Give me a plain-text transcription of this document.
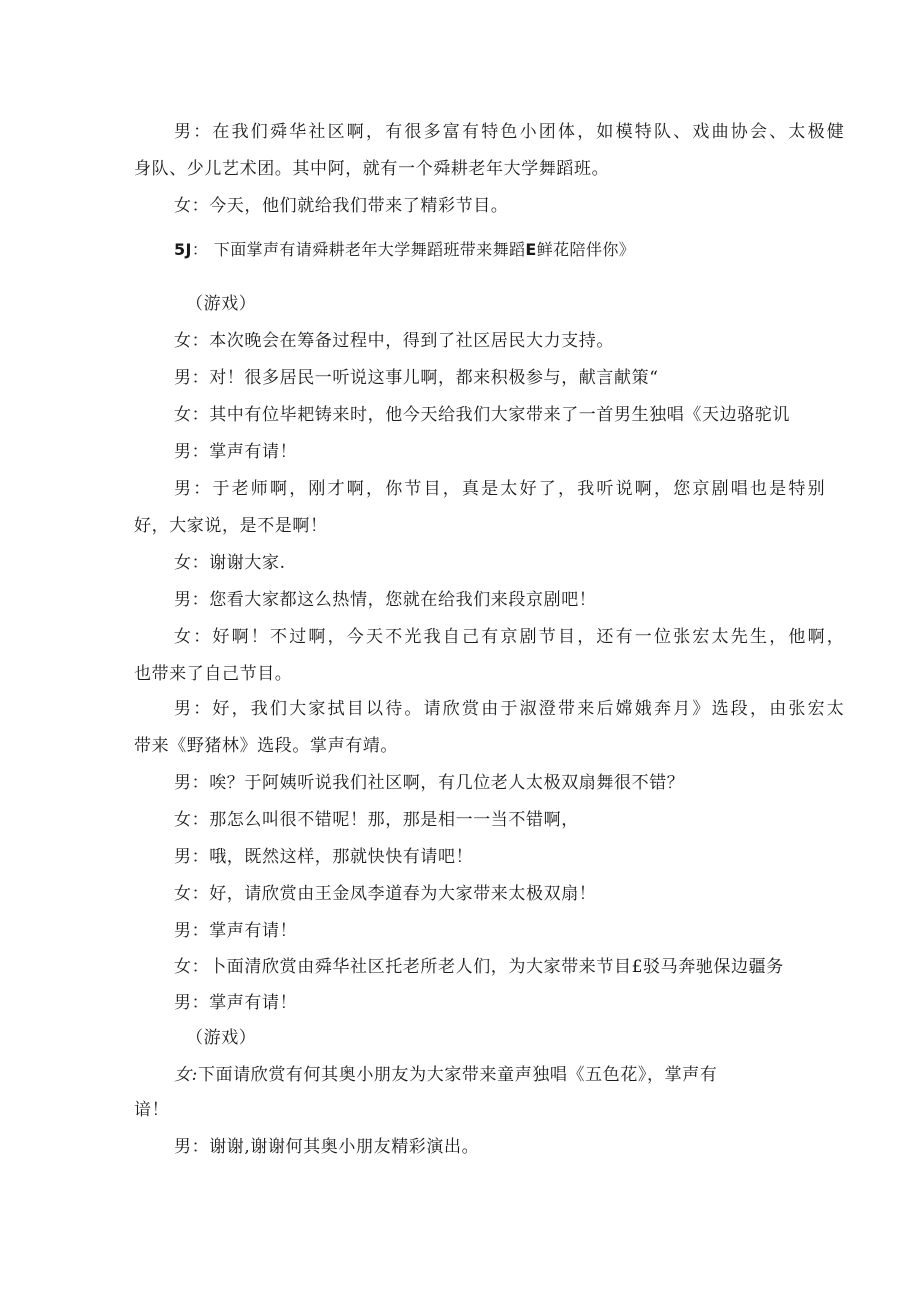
男：在我们舜华社区啊，有很多富有特色小团体，如模特队、戏曲协会、太极健

身队、少儿艺术团。其中阿，就有一个舜耕老年大学舞蹈班。

女：今天，他们就给我们带来了精彩节目。

5J： 下面掌声有请舜耕老年大学舞蹈班带来舞蹈E鲜花陪伴你》

（游戏）

女：本次晚会在筹备过程中，得到了社区居民大力支持。

男：对！很多居民一听说这事儿啊，都来积极参与，献言献策“

女：其中有位毕耙铸来时，他今天给我们大家带来了一首男生独唱《天边骆驼讥

男：掌声有请！

男：于老师啊，刚才啊，你节目，真是太好了，我听说啊，您京剧唱也是特别

好，大家说，是不是啊！

女：谢谢大家.

男：您看大家都这么热情，您就在给我们来段京剧吧！

女：好啊！不过啊，今天不光我自己有京剧节目，还有一位张宏太先生，他啊，

也带来了自己节目。

男：好，我们大家拭目以待。请欣赏由于淑澄带来后嫦娥奔月》选段，由张宏太

带来《野猪林》选段。掌声有靖。

男：唉？于阿姨听说我们社区啊，有几位老人太极双扇舞很不错？

女：那怎么叫很不错呢！那，那是相一一当不错啊，

男：哦，既然这样，那就快快有请吧！

女：好，请欣赏由王金凤李道春为大家带来太极双扇！

男：掌声有请！

女：卜面清欣赏由舜华社区托老所老人们，为大家带来节目£驳马奔驰保边疆务

男：掌声有请！

（游戏）

女:下面请欣赏有何其奥小朋友为大家带来童声独唱《五色花》，掌声有

谙！

男：谢谢,谢谢何其奥小朋友精彩演出。
